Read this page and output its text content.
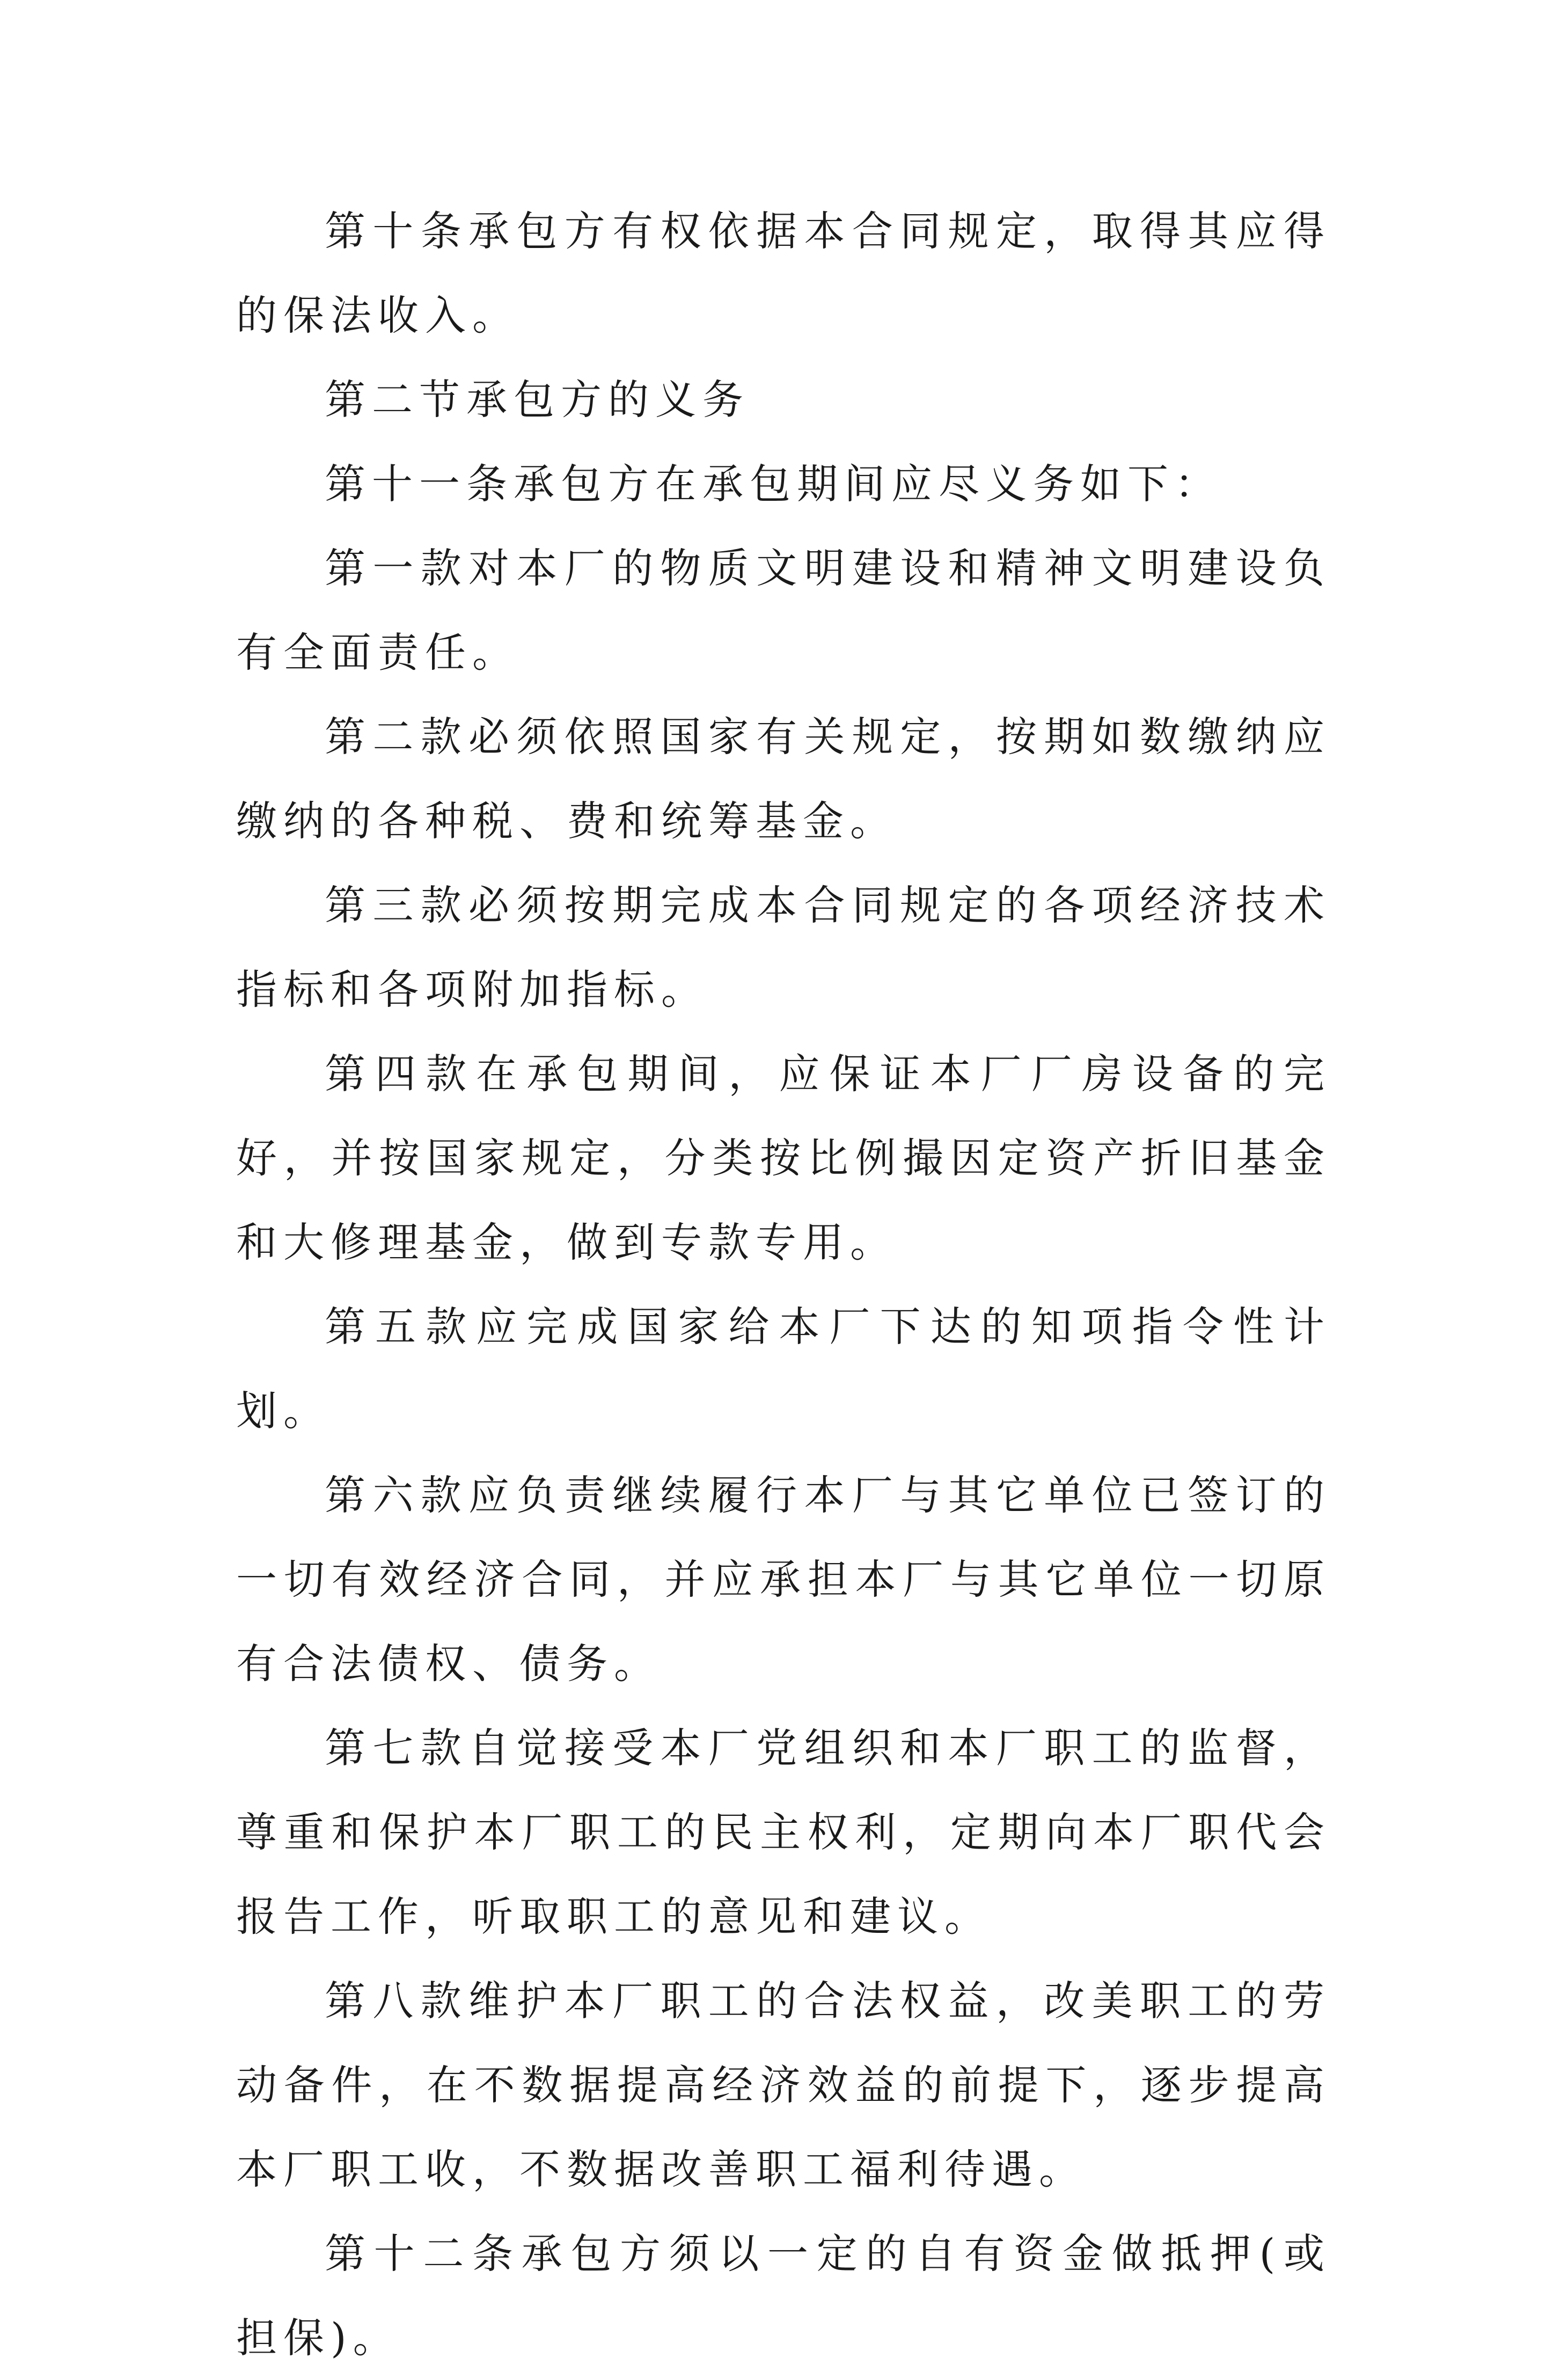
第十条承包方有权依据本合同规定，取得其应得的保法收入。

第二节承包方的义务

第十一条承包方在承包期间应尽义务如下：

第一款对本厂的物质文明建设和精神文明建设负有全面责任。

第二款必须依照国家有关规定，按期如数缴纳应缴纳的各种税、费和统筹基金。

第三款必须按期完成本合同规定的各项经济技术指标和各项附加指标。

第四款在承包期间，应保证本厂厂房设备的完好，并按国家规定，分类按比例撮因定资产折旧基金和大修理基金，做到专款专用。

第五款应完成国家给本厂下达的知项指令性计划。

第六款应负责继续履行本厂与其它单位已签订的一切有效经济合同，并应承担本厂与其它单位一切原有合法债权、债务。

第七款自觉接受本厂党组织和本厂职工的监督，尊重和保护本厂职工的民主权利，定期向本厂职代会报告工作，听取职工的意见和建议。

第八款维护本厂职工的合法权益，改美职工的劳动备件，在不数据提高经济效益的前提下，逐步提高本厂职工收，不数据改善职工福利待遇。

第十二条承包方须以一定的自有资金做抵押(或担保)。
